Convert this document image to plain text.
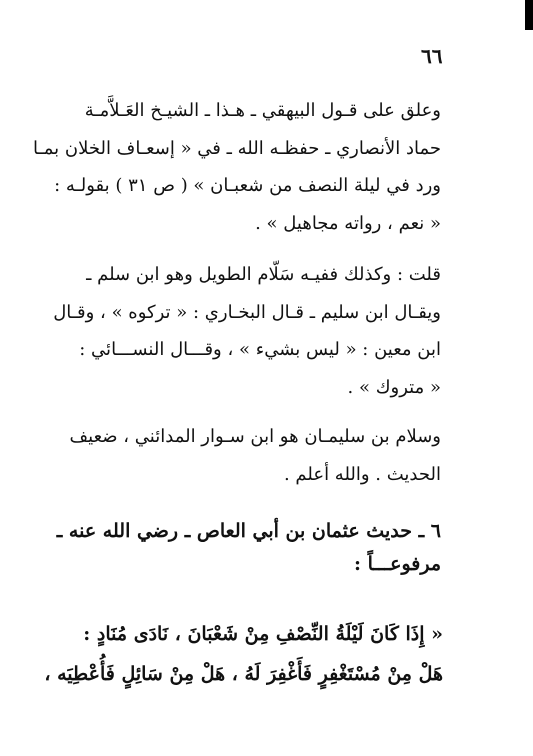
٦٦

وعلق على قـول البيهقي ـ هـذا ـ الشيـخ العَـلاَّمـة
حماد الأنصاري ـ حفظـه الله ـ في « إسعـاف الخلان بمـا
ورد في ليلة النصف من شعبـان » ( ص ٣١ ) بقولـه :
« نعم ، رواته مجاهيل » .

قلت : وكذلك ففيـه سَلّام الطويل وهو ابن سلم ـ
ويقـال ابن سليم ـ قـال البخـاري : « تركوه » ، وقـال
ابن معين : « ليس بشيء » ، وقـــال النســـائي :
« متروك » .

وسلام بن سليمـان هو ابن سـوار المدائني ، ضعيف
الحديث . والله أعلم .

٦ ـ حديث عثمان بن أبي العاص ـ رضي الله عنه ـ
مرفوعـــاً :

« إِذَا كَانَ لَيْلَةُ النِّصْفِ مِنْ شَعْبَانَ ، نَادَى مُنَادٍ :
هَلْ مِنْ مُسْتَغْفِرٍ فَأَغْفِرَ لَهُ ، هَلْ مِنْ سَائِلٍ فَأُعْطِيَه ،
